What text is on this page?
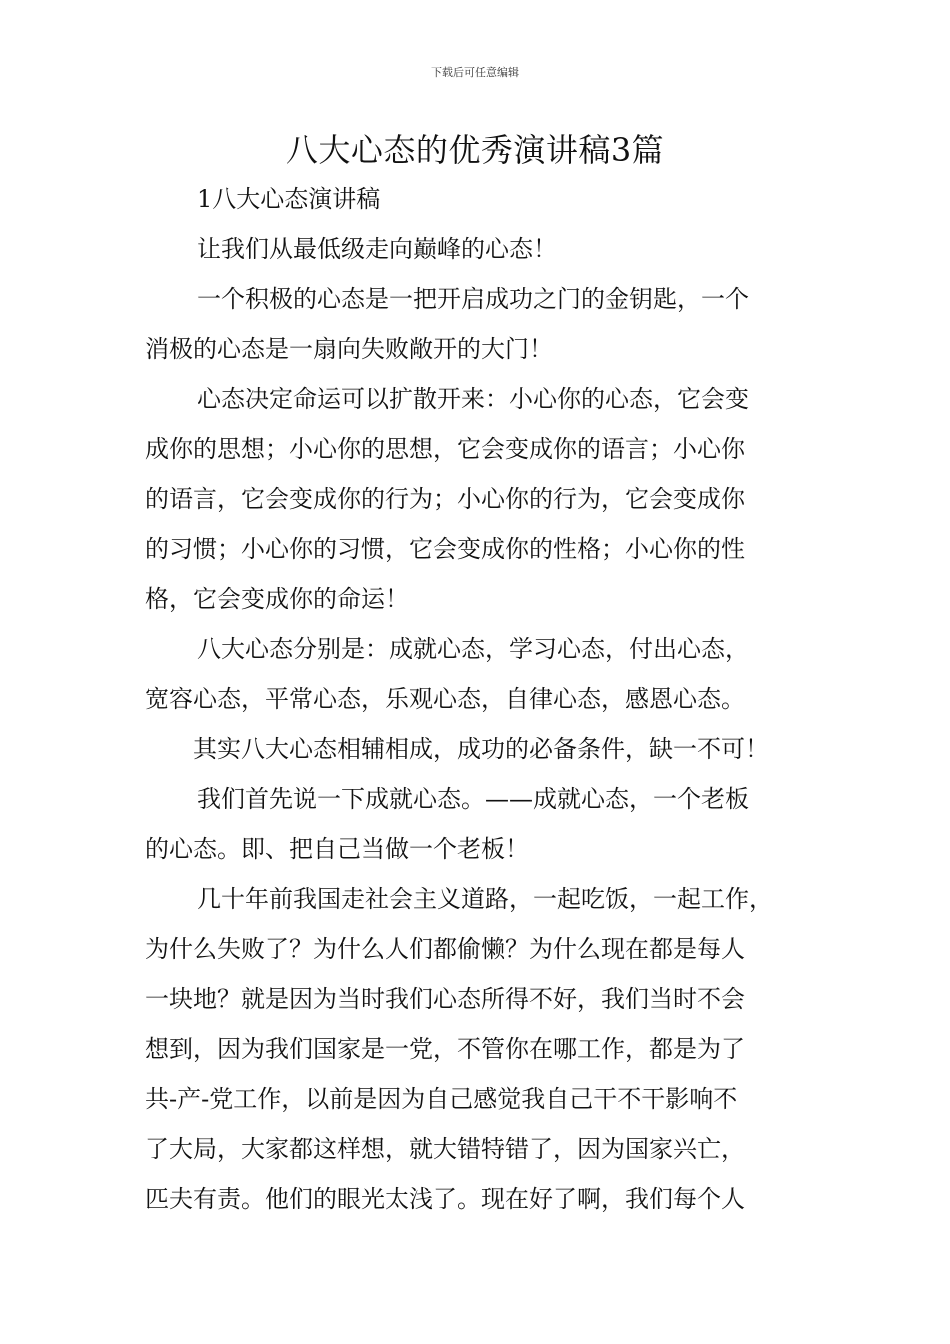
下载后可任意编辑
八大心态的优秀演讲稿3篇

1八大心态演讲稿

让我们从最低级走向巅峰的心态！

一个积极的心态是一把开启成功之门的金钥匙，一个

消极的心态是一扇向失败敞开的大门！

心态决定命运可以扩散开来：小心你的心态，它会变

成你的思想；小心你的思想，它会变成你的语言；小心你

的语言，它会变成你的行为；小心你的行为，它会变成你

的习惯；小心你的习惯，它会变成你的性格；小心你的性

格，它会变成你的命运！

八大心态分别是：成就心态，学习心态，付出心态，

宽容心态，平常心态，乐观心态，自律心态，感恩心态。

其实八大心态相辅相成，成功的必备条件，缺一不可！

我们首先说一下成就心态。——成就心态，一个老板

的心态。即、把自己当做一个老板！

几十年前我国走社会主义道路，一起吃饭，一起工作，

为什么失败了？为什么人们都偷懒？为什么现在都是每人

一块地？就是因为当时我们心态所得不好，我们当时不会

想到，因为我们国家是一党，不管你在哪工作，都是为了

共-产-党工作，以前是因为自己感觉我自己干不干影响不

了大局，大家都这样想，就大错特错了，因为国家兴亡，

匹夫有责。他们的眼光太浅了。现在好了啊，我们每个人
